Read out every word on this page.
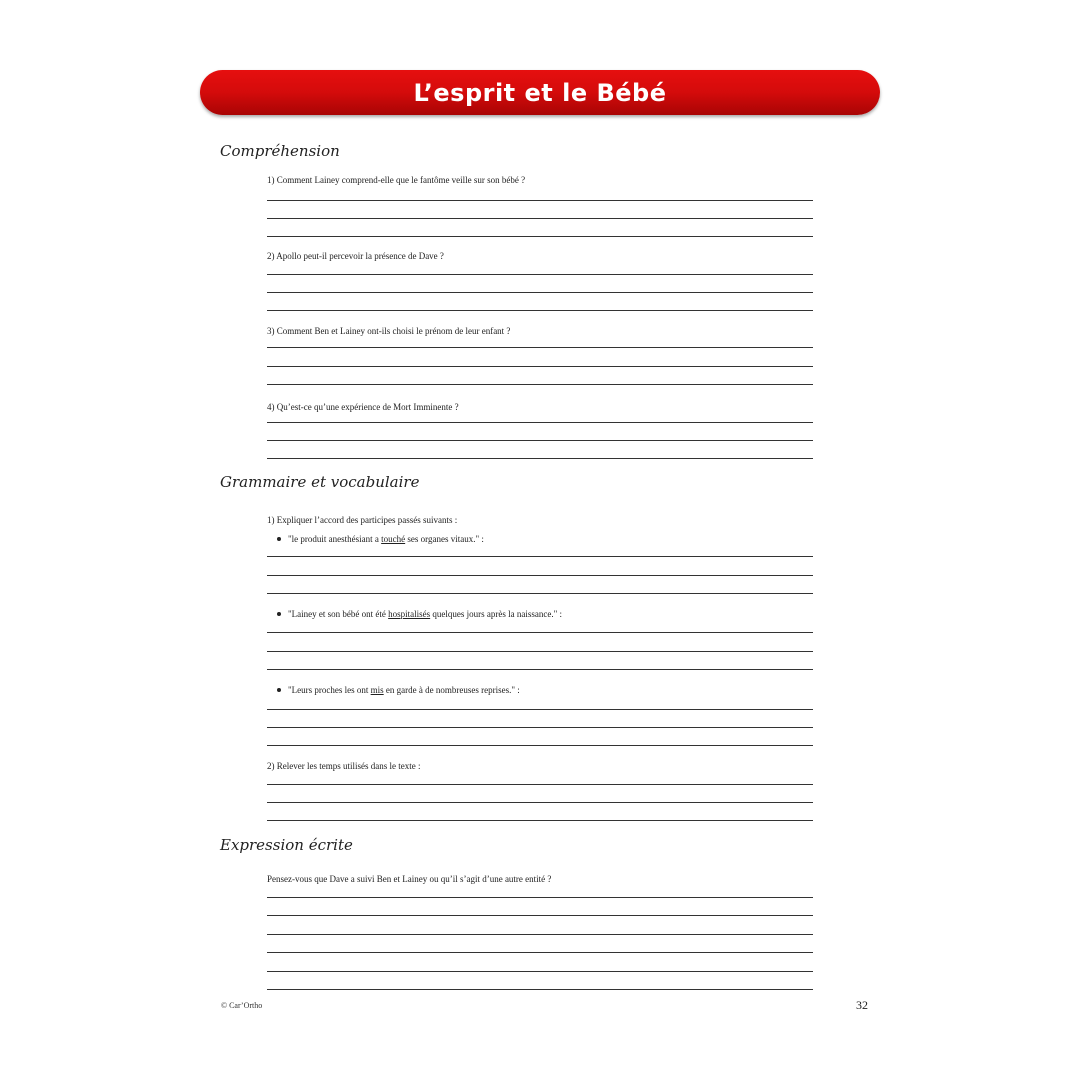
L’esprit et le Bébé
Compréhension
1) Comment Lainey comprend-elle que le fantôme veille sur son bébé ?
2) Apollo peut-il percevoir la présence de Dave ?
3) Comment Ben et Lainey ont-ils choisi le prénom de leur enfant ?
4) Qu’est-ce qu’une expérience de Mort Imminente ?
Grammaire et vocabulaire
1) Expliquer l’accord des participes passés suivants :
"le produit anesthésiant a touché ses organes vitaux." :
"Lainey et son bébé ont été hospitalisés quelques jours après la naissance." :
"Leurs proches les ont mis en garde à de nombreuses reprises." :
2) Relever les temps utilisés dans le texte :
Expression écrite
Pensez-vous que Dave a suivi Ben et Lainey ou qu’il s’agit d’une autre entité ?
© Car’Ortho	32
